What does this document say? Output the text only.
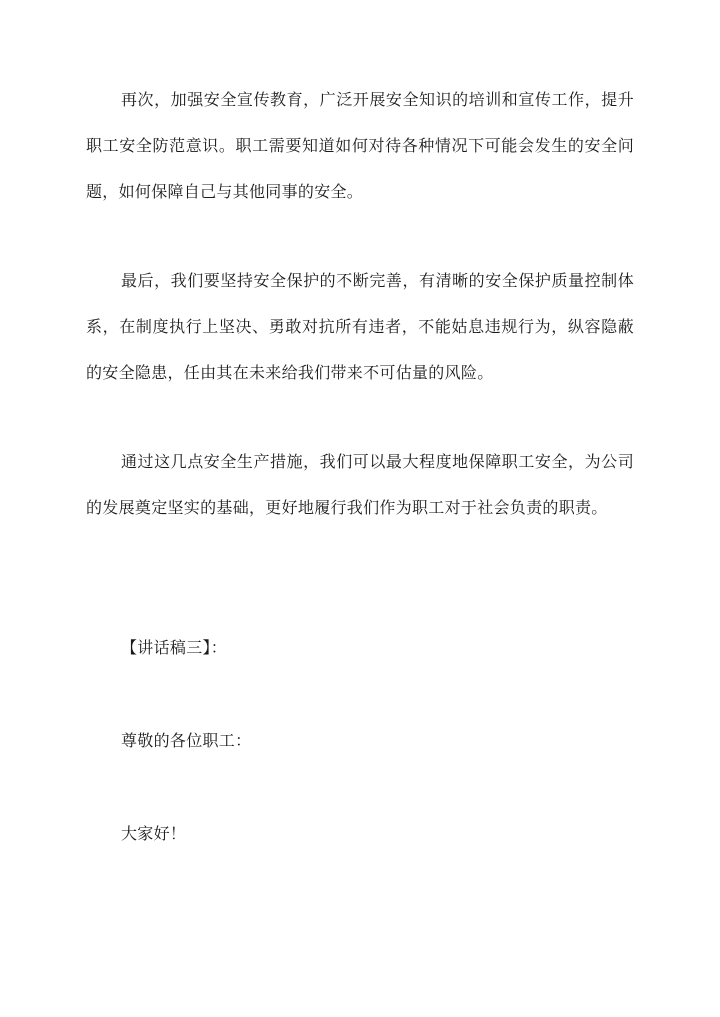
再次，加强安全宣传教育，广泛开展安全知识的培训和宣传工作，提升职工安全防范意识。职工需要知道如何对待各种情况下可能会发生的安全问题，如何保障自己与其他同事的安全。

最后，我们要坚持安全保护的不断完善，有清晰的安全保护质量控制体系，在制度执行上坚决、勇敢对抗所有违者，不能姑息违规行为，纵容隐蔽的安全隐患，任由其在未来给我们带来不可估量的风险。

通过这几点安全生产措施，我们可以最大程度地保障职工安全，为公司的发展奠定坚实的基础，更好地履行我们作为职工对于社会负责的职责。

【讲话稿三】：

尊敬的各位职工：

大家好！
